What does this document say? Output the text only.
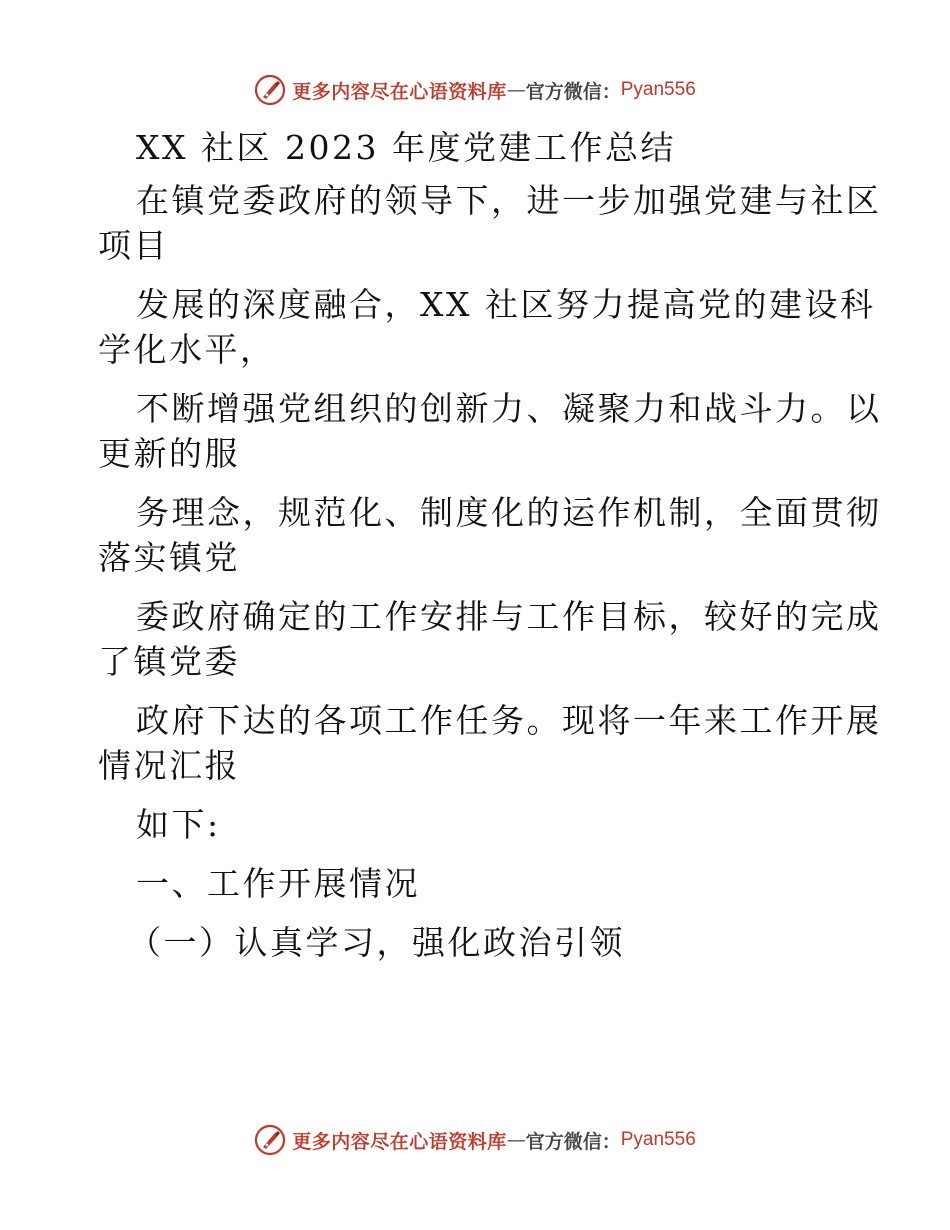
更多内容尽在心语资料库 — 官方微信： Pyan556
XX 社区 2023 年度党建工作总结
在镇党委政府的领导下，进一步加强党建与社区
项目
发展的深度融合，XX 社区努力提高党的建设科
学化水平，
不断增强党组织的创新力、凝聚力和战斗力。以
更新的服
务理念，规范化、制度化的运作机制，全面贯彻
落实镇党
委政府确定的工作安排与工作目标，较好的完成
了镇党委
政府下达的各项工作任务。现将一年来工作开展
情况汇报
如下:
一、工作开展情况
（一）认真学习，强化政治引领
更多内容尽在心语资料库 — 官方微信： Pyan556
